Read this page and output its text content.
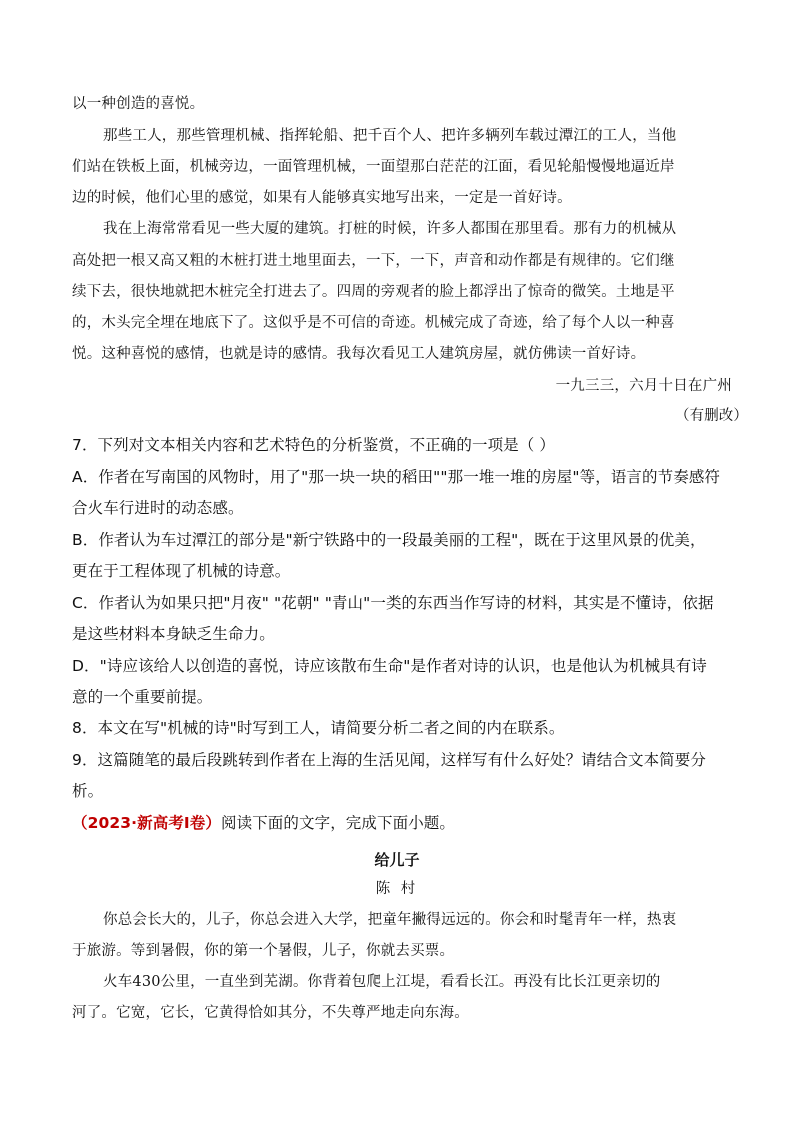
以一种创造的喜悦。
那些工人，那些管理机械、指挥轮船、把千百个人、把许多辆列车载过潭江的工人，当他
们站在铁板上面，机械旁边，一面管理机械，一面望那白茫茫的江面，看见轮船慢慢地逼近岸
边的时候，他们心里的感觉，如果有人能够真实地写出来，一定是一首好诗。
我在上海常常看见一些大厦的建筑。打桩的时候，许多人都围在那里看。那有力的机械从
高处把一根又高又粗的木桩打进土地里面去，一下，一下，声音和动作都是有规律的。它们继
续下去，很快地就把木桩完全打进去了。四周的旁观者的脸上都浮出了惊奇的微笑。土地是平
的，木头完全埋在地底下了。这似乎是不可信的奇迹。机械完成了奇迹，给了每个人以一种喜
悦。这种喜悦的感情，也就是诗的感情。我每次看见工人建筑房屋，就仿佛读一首好诗。
一九三三，六月十日在广州
（有删改）
7．下列对文本相关内容和艺术特色的分析鉴赏，不正确的一项是（ ）
A．作者在写南国的风物时，用了"那一块一块的稻田""那一堆一堆的房屋"等，语言的节奏感符
合火车行进时的动态感。
B．作者认为车过潭江的部分是"新宁铁路中的一段最美丽的工程"，既在于这里风景的优美，
更在于工程体现了机械的诗意。
C．作者认为如果只把"月夜" "花朝" "青山"一类的东西当作写诗的材料，其实是不懂诗，依据
是这些材料本身缺乏生命力。
D．"诗应该给人以创造的喜悦，诗应该散布生命"是作者对诗的认识，也是他认为机械具有诗
意的一个重要前提。
8．本文在写"机械的诗"时写到工人，请简要分析二者之间的内在联系。
9．这篇随笔的最后段跳转到作者在上海的生活见闻，这样写有什么好处？请结合文本简要分
析。
（2023·新高考Ⅰ卷）阅读下面的文字，完成下面小题。
给儿子
陈 村
你总会长大的，儿子，你总会进入大学，把童年撇得远远的。你会和时髦青年一样，热衷
于旅游。等到暑假，你的第一个暑假，儿子，你就去买票。
火车430公里，一直坐到芜湖。你背着包爬上江堤，看看长江。再没有比长江更亲切的
河了。它宽，它长，它黄得恰如其分，不失尊严地走向东海。
